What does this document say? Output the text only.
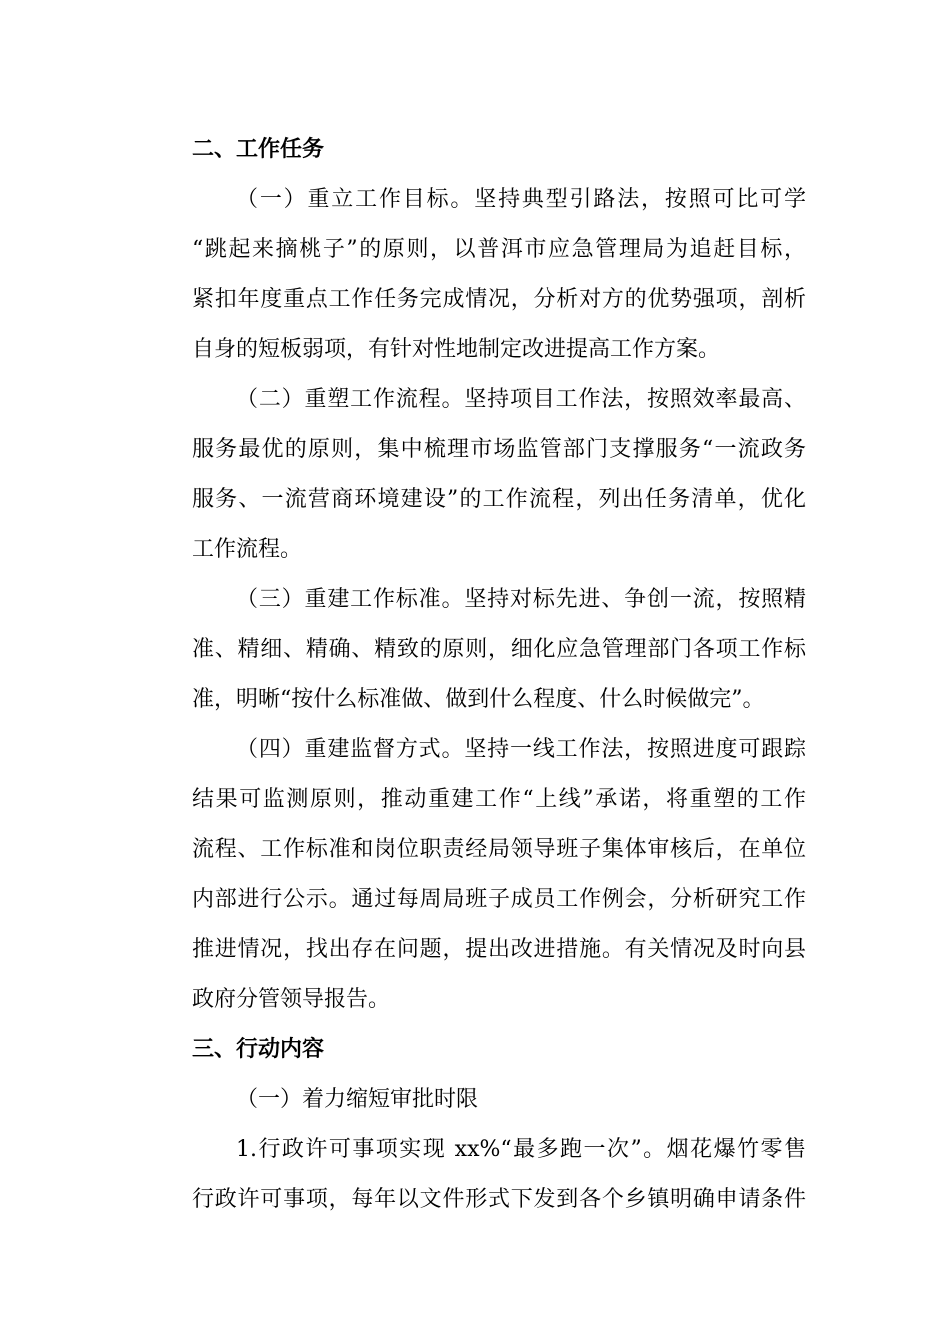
二、工作任务
（一）重立工作目标。坚持典型引路法，按照可比可学
“跳起来摘桃子”的原则，以普洱市应急管理局为追赶目标，
紧扣年度重点工作任务完成情况，分析对方的优势强项，剖析
自身的短板弱项，有针对性地制定改进提高工作方案。
（二）重塑工作流程。坚持项目工作法，按照效率最高、
服务最优的原则，集中梳理市场监管部门支撑服务“一流政务
服务、一流营商环境建设”的工作流程，列出任务清单，优化
工作流程。
（三）重建工作标准。坚持对标先进、争创一流，按照精
准、精细、精确、精致的原则，细化应急管理部门各项工作标
准，明晰“按什么标准做、做到什么程度、什么时候做完”。
（四）重建监督方式。坚持一线工作法，按照进度可跟踪
结果可监测原则，推动重建工作“上线”承诺，将重塑的工作
流程、工作标准和岗位职责经局领导班子集体审核后，在单位
内部进行公示。通过每周局班子成员工作例会，分析研究工作
推进情况，找出存在问题，提出改进措施。有关情况及时向县
政府分管领导报告。
三、行动内容
（一）着力缩短审批时限
1.行政许可事项实现 xx%“最多跑一次”。烟花爆竹零售
行政许可事项，每年以文件形式下发到各个乡镇明确申请条件
